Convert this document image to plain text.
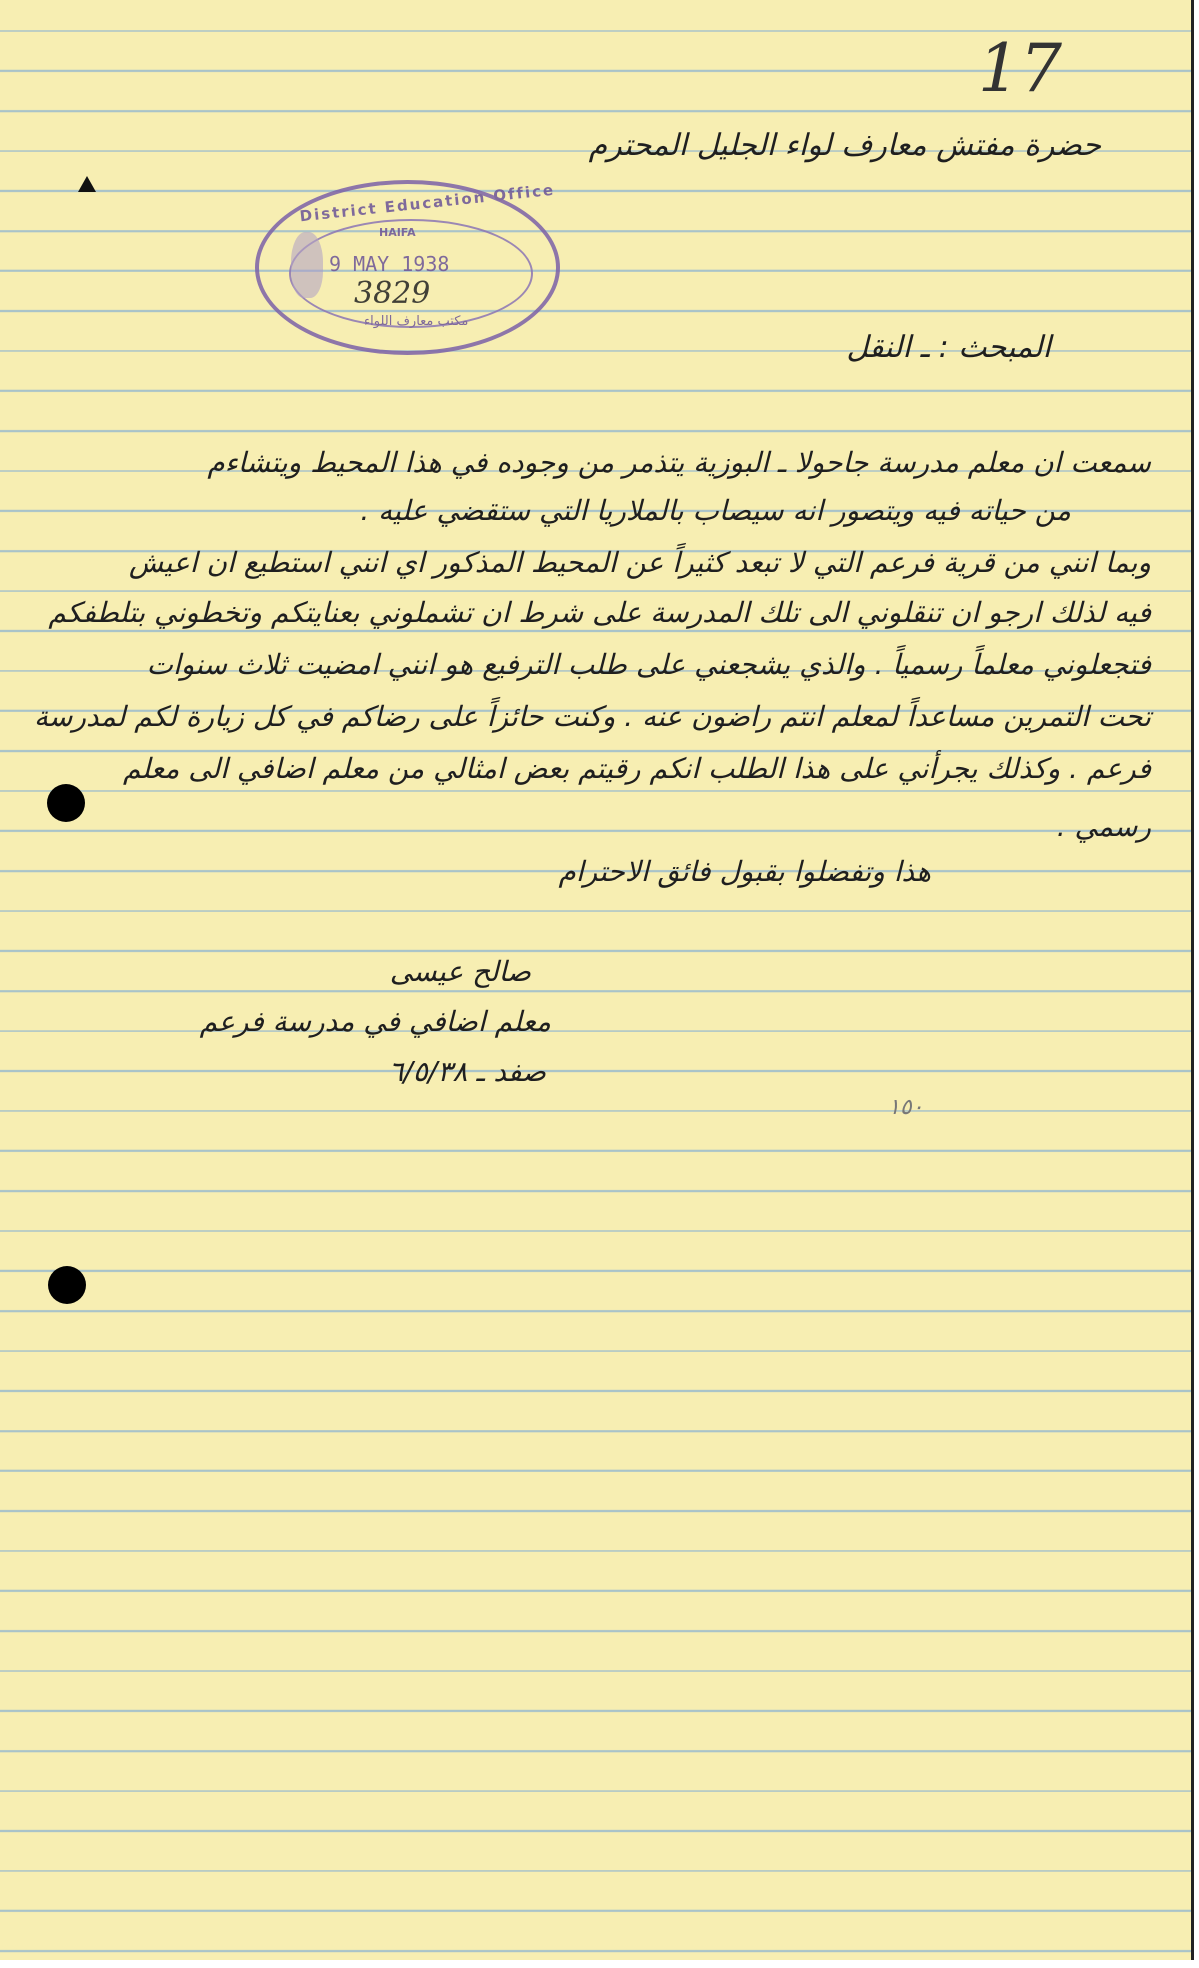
17
حضرة مفتش معارف لواء الجليل المحترم
District Education Office
HAIFA
9 MAY 1938
3829
مكتب معارف اللواء
المبحث : ـ النقل
سمعت ان معلم مدرسة جاحولا ـ البوزية يتذمر من وجوده في هذا المحيط ويتشاءم
من حياته فيه ويتصور انه سيصاب بالملاريا التي ستقضي عليه .
وبما انني من قرية فرعم التي لا تبعد كثيراً عن المحيط المذكور اي انني استطيع ان اعيش
فيه لذلك ارجو ان تنقلوني الى تلك المدرسة على شرط ان تشملوني بعنايتكم وتخطوني بتلطفكم
فتجعلوني معلماً رسمياً . والذي يشجعني على طلب الترفيع هو انني امضيت ثلاث سنوات
تحت التمرين مساعداً لمعلم انتم راضون عنه . وكنت حائزاً على رضاكم في كل زيارة لكم لمدرسة
فرعم . وكذلك يجرأني على هذا الطلب انكم رقيتم بعض امثالي من معلم اضافي الى معلم
رسمي .
هذا وتفضلوا بقبول فائق الاحترام
صالح عيسى
معلم اضافي في مدرسة فرعم
صفد ـ ٦/٥/٣٨
١٥٠
